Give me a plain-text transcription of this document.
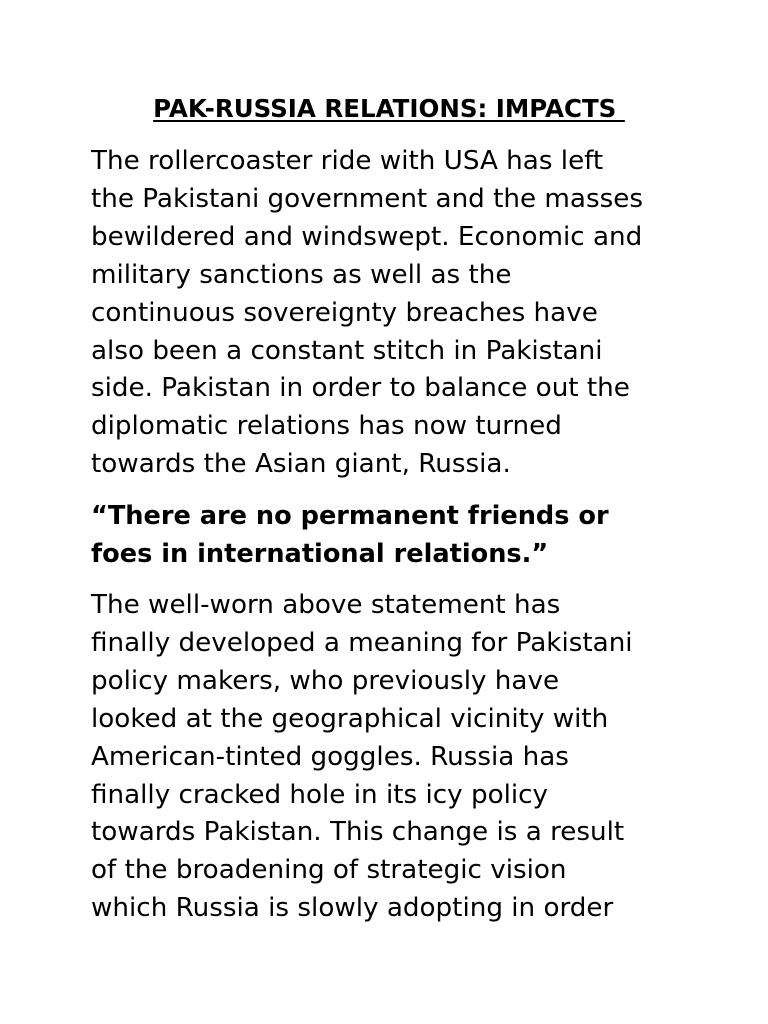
PAK-RUSSIA RELATIONS: IMPACTS

The rollercoaster ride with USA has left
the Pakistani government and the masses
bewildered and windswept. Economic and
military sanctions as well as the
continuous sovereignty breaches have
also been a constant stitch in Pakistani
side. Pakistan in order to balance out the
diplomatic relations has now turned
towards the Asian giant, Russia.

“There are no permanent friends or
foes in international relations.”

The well-worn above statement has
finally developed a meaning for Pakistani
policy makers, who previously have
looked at the geographical vicinity with
American-tinted goggles. Russia has
finally cracked hole in its icy policy
towards Pakistan. This change is a result
of the broadening of strategic vision
which Russia is slowly adopting in order
